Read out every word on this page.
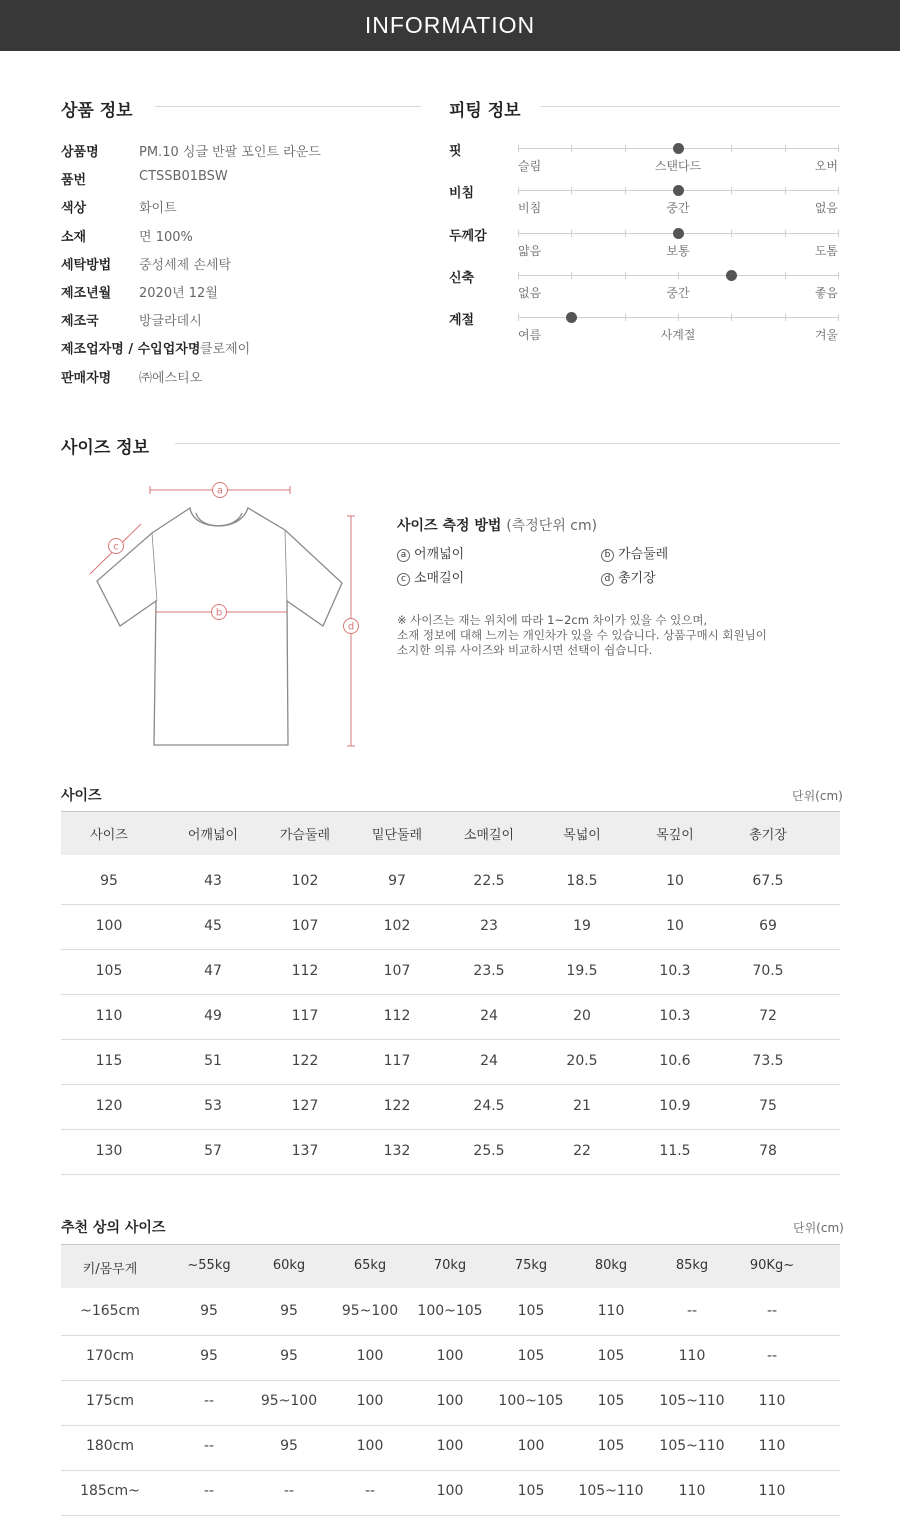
INFORMATION
상품 정보
상품명	PM.10 싱글 반팔 포인트 라운드
품번	CTSSB01BSW
색상	화이트
소재	면 100%
세탁방법 중성세제 손세탁
제조년월 2020년 12월
제조국	방글라데시
제조업자명 / 수입업자명 클로제이
판매자명 ㈜에스티오
피팅 정보
핏
슬림	스탠다드	오버
비침
비침	중간	없음
두께감
얇음	보통	도톰
신축
없음	중간	좋음
계절
여름	사계절	겨울
사이즈 정보
a
b
c
d
사이즈 측정 방법 (측정단위 cm)
a 어깨넓이	b 가슴둘레
c 소매길이	d 총기장
※ 사이즈는 재는 위치에 따라 1~2cm 차이가 있을 수 있으며,
소재 정보에 대해 느끼는 개인차가 있을 수 있습니다. 상품구매시 회원님이
소지한 의류 사이즈와 비교하시면 선택이 쉽습니다.
사이즈	단위(cm)
사이즈	어깨넓이	가슴둘레	밑단둘레	소매길이	목넓이	목깊이	총기장
95	43	102	97	22.5	18.5	10	67.5
100	45	107	102	23	19	10	69
105	47	112	107	23.5	19.5	10.3	70.5
110	49	117	112	24	20	10.3	72
115	51	122	117	24	20.5	10.6	73.5
120	53	127	122	24.5	21	10.9	75
130	57	137	132	25.5	22	11.5	78
추천 상의 사이즈	단위(cm)
키/몸무게	~55kg	60kg	65kg	70kg	75kg	80kg	85kg	90Kg~
~165cm	95	95	95~100	100~105	105	110	--	--
170cm	95	95	100	100	105	105	110	--
175cm	--	95~100	100	100	100~105	105	105~110	110
180cm	--	95	100	100	100	105	105~110	110
185cm~	--	--	--	100	105	105~110	110	110
